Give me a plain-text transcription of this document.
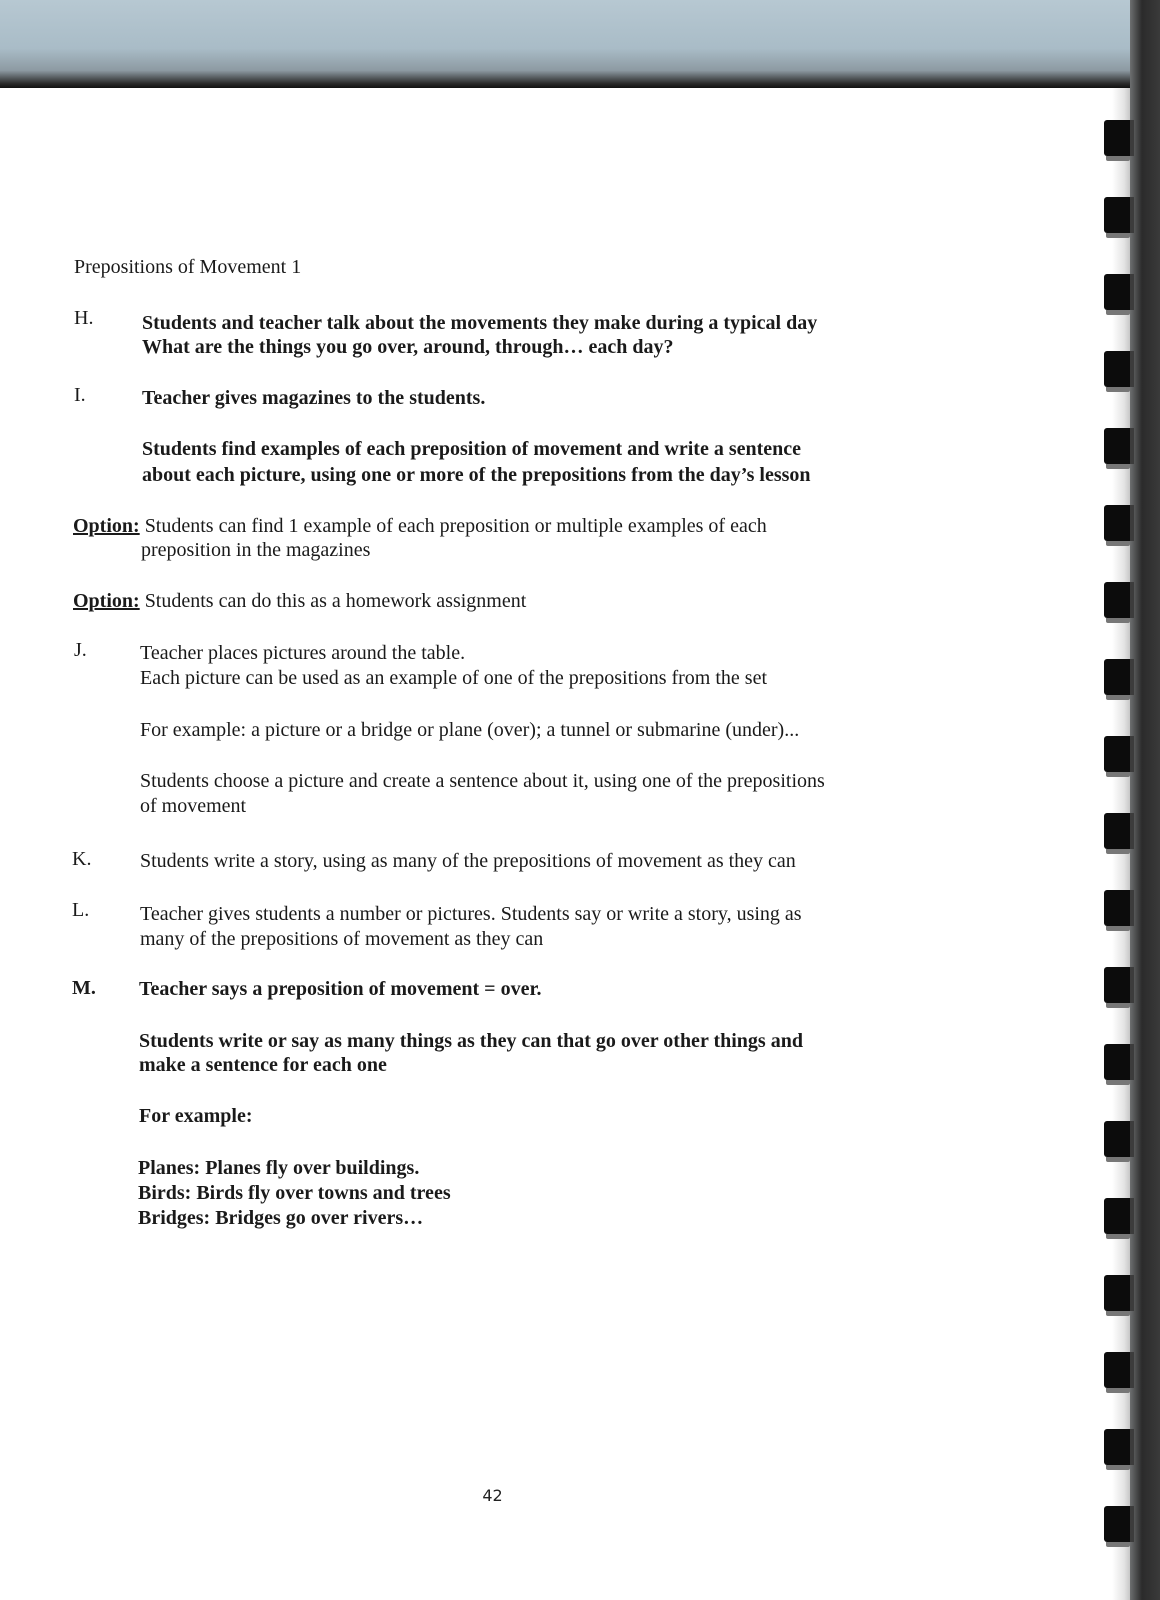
Prepositions of Movement 1
H. Students and teacher talk about the movements they make during a typical day
What are the things you go over, around, through… each day?
I.	Teacher gives magazines to the students.
Students find examples of each preposition of movement and write a sentence
about each picture, using one or more of the prepositions from the day’s lesson
Option: Students can find 1 example of each preposition or multiple examples of each
preposition in the magazines
Option: Students can do this as a homework assignment
J.	Teacher places pictures around the table.
Each picture can be used as an example of one of the prepositions from the set
For example: a picture or a bridge or plane (over); a tunnel or submarine (under)...
Students choose a picture and create a sentence about it, using one of the prepositions
of movement
K. Students write a story, using as many of the prepositions of movement as they can
L.	Teacher gives students a number or pictures. Students say or write a story, using as
many of the prepositions of movement as they can
M. Teacher says a preposition of movement = over.
Students write or say as many things as they can that go over other things and
make a sentence for each one
For example:
Planes: Planes fly over buildings.
Birds: Birds fly over towns and trees
Bridges: Bridges go over rivers…
42
